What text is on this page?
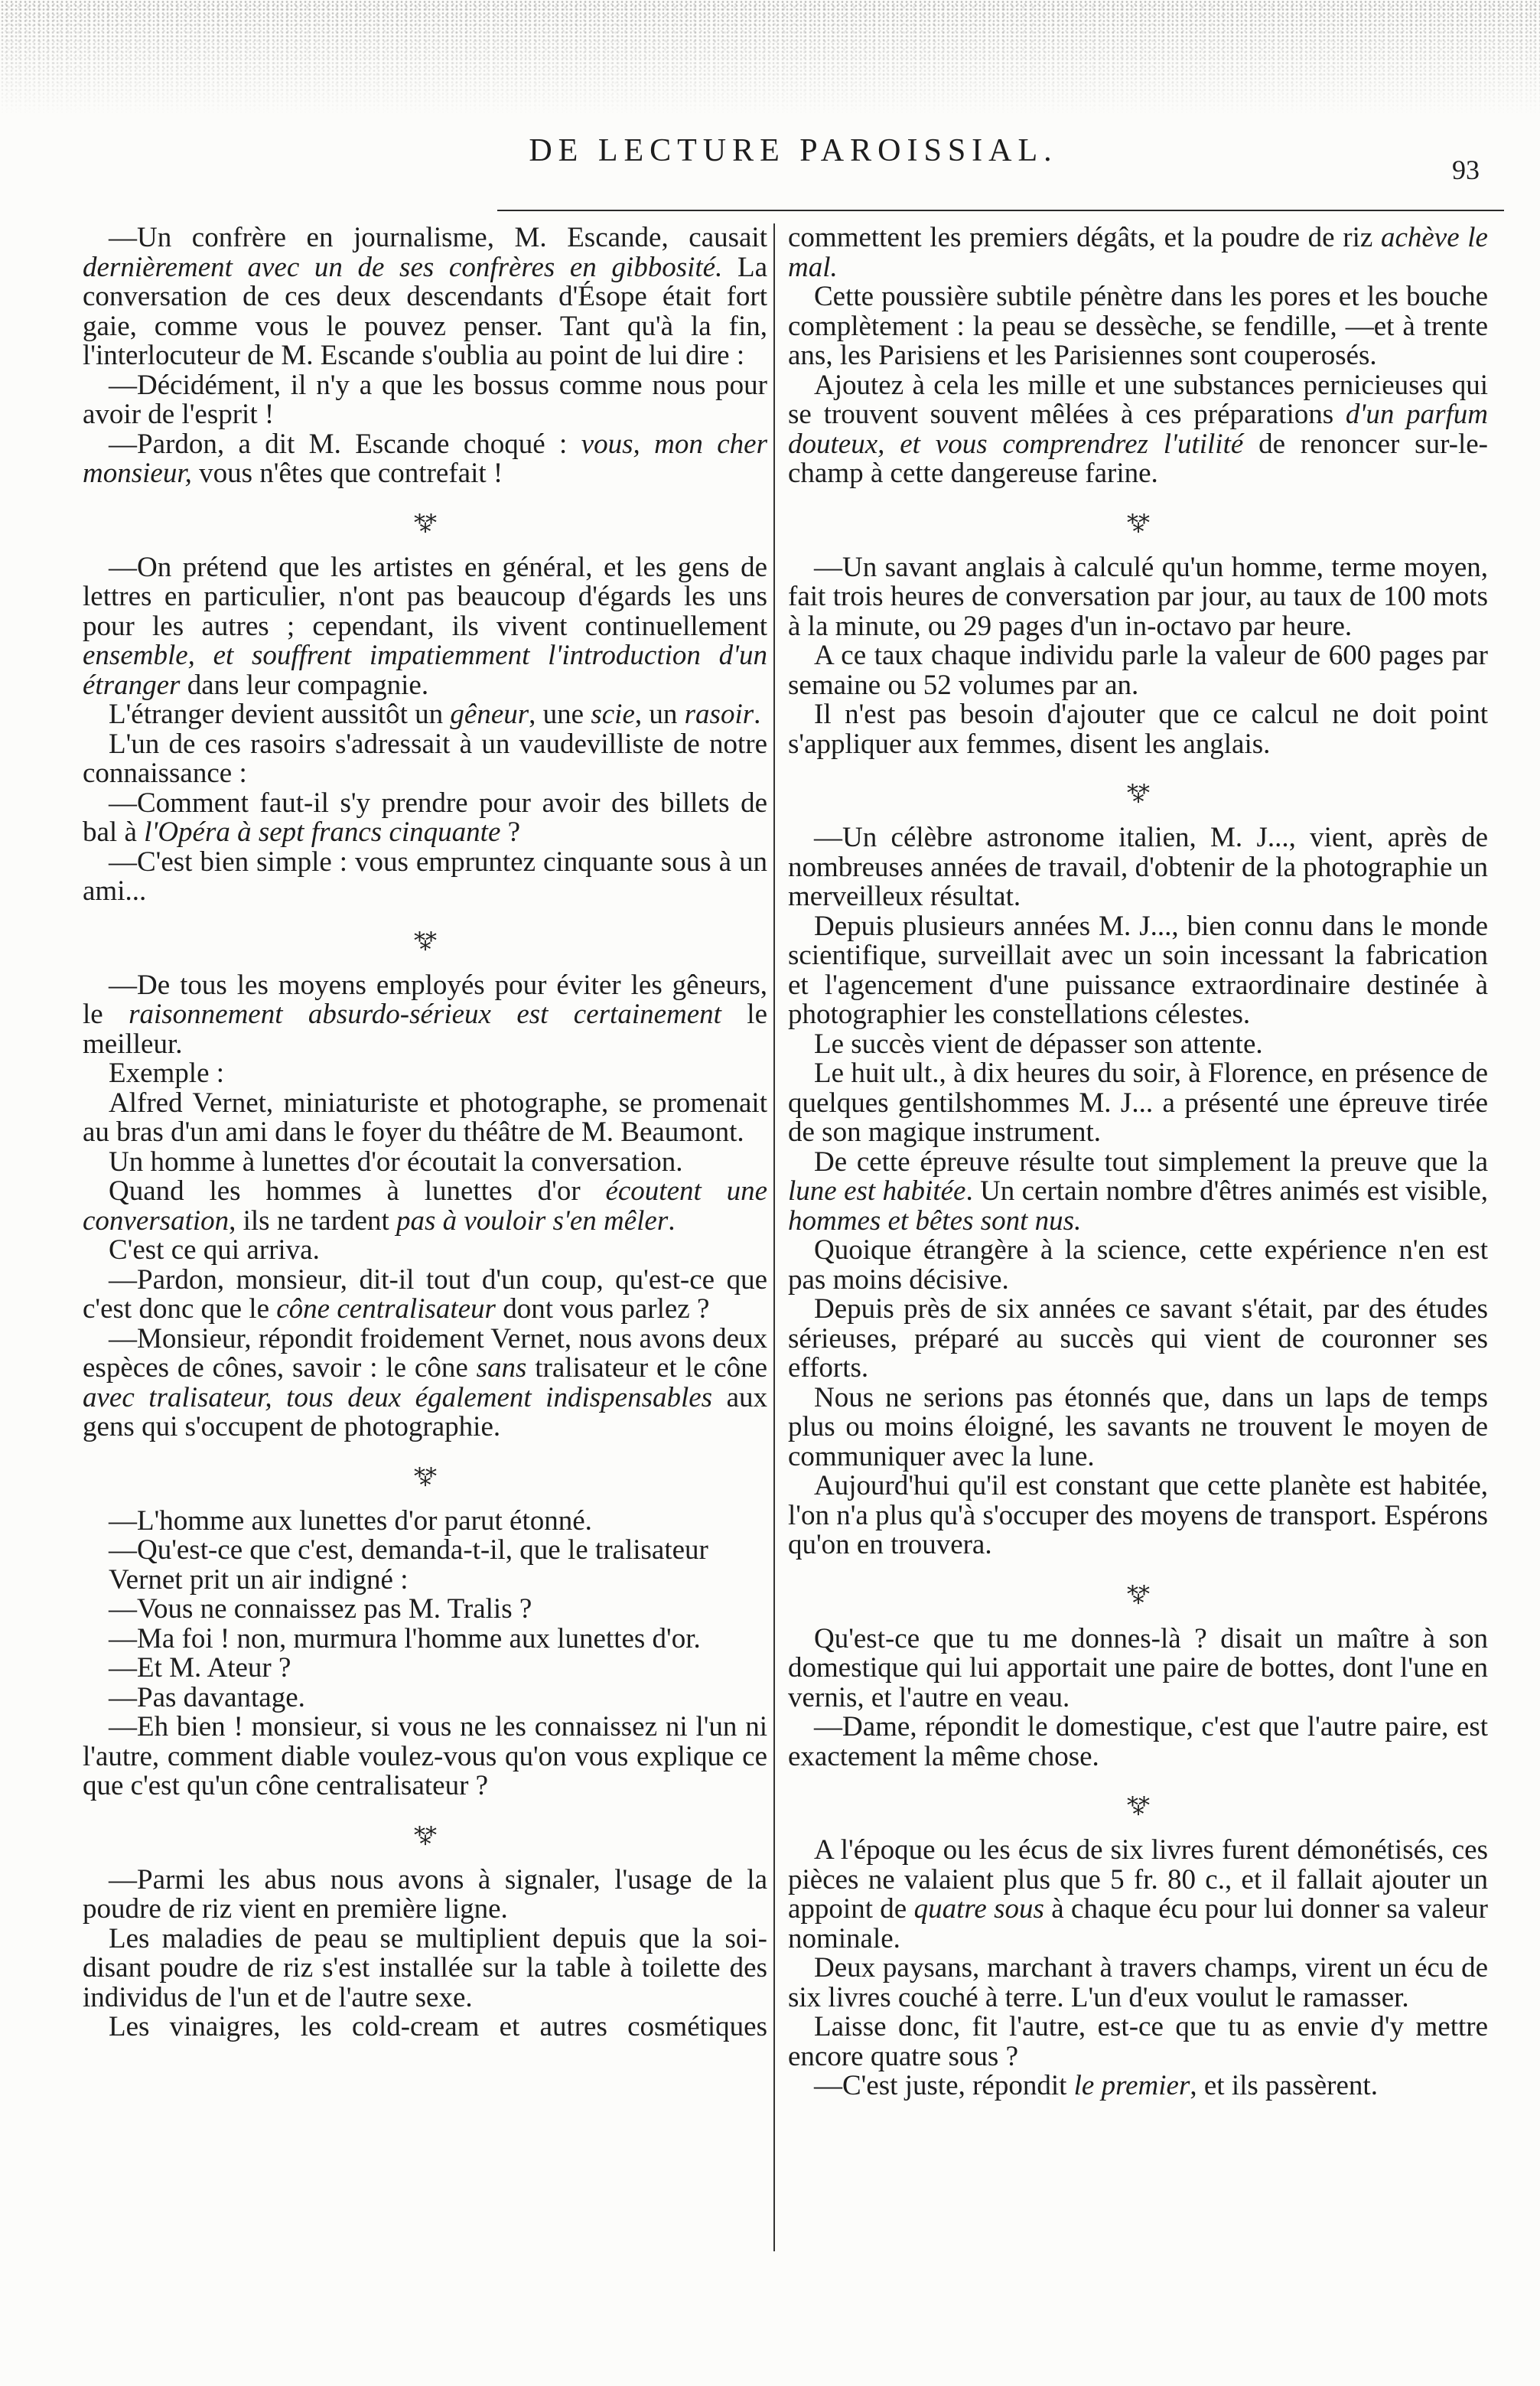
DE LECTURE PAROISSIAL.
93

—Un confrère en journalisme, M. Escande, causait dernièrement avec un de ses confrères en gibbosité. La conversation de ces deux descendants d'Ésope était fort gaie, comme vous le pouvez penser. Tant qu'à la fin, l'interlocuteur de M. Escande s'oublia au point de lui dire :

—Décidément, il n'y a que les bossus comme nous pour avoir de l'esprit !

—Pardon, a dit M. Escande choqué : vous, mon cher monsieur, vous n'êtes que contrefait !

⁂

—On prétend que les artistes en général, et les gens de lettres en particulier, n'ont pas beaucoup d'égards les uns pour les autres ; cependant, ils vivent continuellement ensemble, et souffrent impatiemment l'introduction d'un étranger dans leur compagnie.

L'étranger devient aussitôt un gêneur, une scie, un rasoir.

L'un de ces rasoirs s'adressait à un vaudevilliste de notre connaissance :

—Comment faut-il s'y prendre pour avoir des billets de bal à l'Opéra à sept francs cinquante ?

—C'est bien simple : vous empruntez cinquante sous à un ami...

⁂

—De tous les moyens employés pour éviter les gêneurs, le raisonnement absurdo-sérieux est certainement le meilleur.

Exemple :

Alfred Vernet, miniaturiste et photographe, se promenait au bras d'un ami dans le foyer du théâtre de M. Beaumont.

Un homme à lunettes d'or écoutait la conversation.

Quand les hommes à lunettes d'or écoutent une conversation, ils ne tardent pas à vouloir s'en mêler.

C'est ce qui arriva.

—Pardon, monsieur, dit-il tout d'un coup, qu'est-ce que c'est donc que le cône centralisateur dont vous parlez ?

—Monsieur, répondit froidement Vernet, nous avons deux espèces de cônes, savoir : le cône sans tralisateur et le cône avec tralisateur, tous deux également indispensables aux gens qui s'occupent de photographie.

⁂

—L'homme aux lunettes d'or parut étonné.

—Qu'est-ce que c'est, demanda-t-il, que le tralisateur

Vernet prit un air indigné :

—Vous ne connaissez pas M. Tralis ?

—Ma foi ! non, murmura l'homme aux lunettes d'or.

—Et M. Ateur ?

—Pas davantage.

—Eh bien ! monsieur, si vous ne les connaissez ni l'un ni l'autre, comment diable voulez-vous qu'on vous explique ce que c'est qu'un cône centralisateur ?

⁂

—Parmi les abus nous avons à signaler, l'usage de la poudre de riz vient en première ligne.

Les maladies de peau se multiplient depuis que la soi-disant poudre de riz s'est installée sur la table à toilette des individus de l'un et de l'autre sexe.

Les vinaigres, les cold-cream et autres cosmétiques

commettent les premiers dégâts, et la poudre de riz achève le mal.

Cette poussière subtile pénètre dans les pores et les bouche complètement : la peau se dessèche, se fendille, —et à trente ans, les Parisiens et les Parisiennes sont couperosés.

Ajoutez à cela les mille et une substances pernicieuses qui se trouvent souvent mêlées à ces préparations d'un parfum douteux, et vous comprendrez l'utilité de renoncer sur-le-champ à cette dangereuse farine.

⁂

—Un savant anglais à calculé qu'un homme, terme moyen, fait trois heures de conversation par jour, au taux de 100 mots à la minute, ou 29 pages d'un in-octavo par heure.

A ce taux chaque individu parle la valeur de 600 pages par semaine ou 52 volumes par an.

Il n'est pas besoin d'ajouter que ce calcul ne doit point s'appliquer aux femmes, disent les anglais.

⁂

—Un célèbre astronome italien, M. J..., vient, après de nombreuses années de travail, d'obtenir de la photographie un merveilleux résultat.

Depuis plusieurs années M. J..., bien connu dans le monde scientifique, surveillait avec un soin incessant la fabrication et l'agencement d'une puissance extraordinaire destinée à photographier les constellations célestes.

Le succès vient de dépasser son attente.

Le huit ult., à dix heures du soir, à Florence, en présence de quelques gentilshommes M. J... a présenté une épreuve tirée de son magique instrument.

De cette épreuve résulte tout simplement la preuve que la lune est habitée. Un certain nombre d'êtres animés est visible, hommes et bêtes sont nus.

Quoique étrangère à la science, cette expérience n'en est pas moins décisive.

Depuis près de six années ce savant s'était, par des études sérieuses, préparé au succès qui vient de couronner ses efforts.

Nous ne serions pas étonnés que, dans un laps de temps plus ou moins éloigné, les savants ne trouvent le moyen de communiquer avec la lune.

Aujourd'hui qu'il est constant que cette planète est habitée, l'on n'a plus qu'à s'occuper des moyens de transport. Espérons qu'on en trouvera.

⁂

Qu'est-ce que tu me donnes-là ? disait un maître à son domestique qui lui apportait une paire de bottes, dont l'une en vernis, et l'autre en veau.

—Dame, répondit le domestique, c'est que l'autre paire, est exactement la même chose.

⁂

A l'époque ou les écus de six livres furent démonétisés, ces pièces ne valaient plus que 5 fr. 80 c., et il fallait ajouter un appoint de quatre sous à chaque écu pour lui donner sa valeur nominale.

Deux paysans, marchant à travers champs, virent un écu de six livres couché à terre. L'un d'eux voulut le ramasser.

Laisse donc, fit l'autre, est-ce que tu as envie d'y mettre encore quatre sous ?

—C'est juste, répondit le premier, et ils passèrent.
